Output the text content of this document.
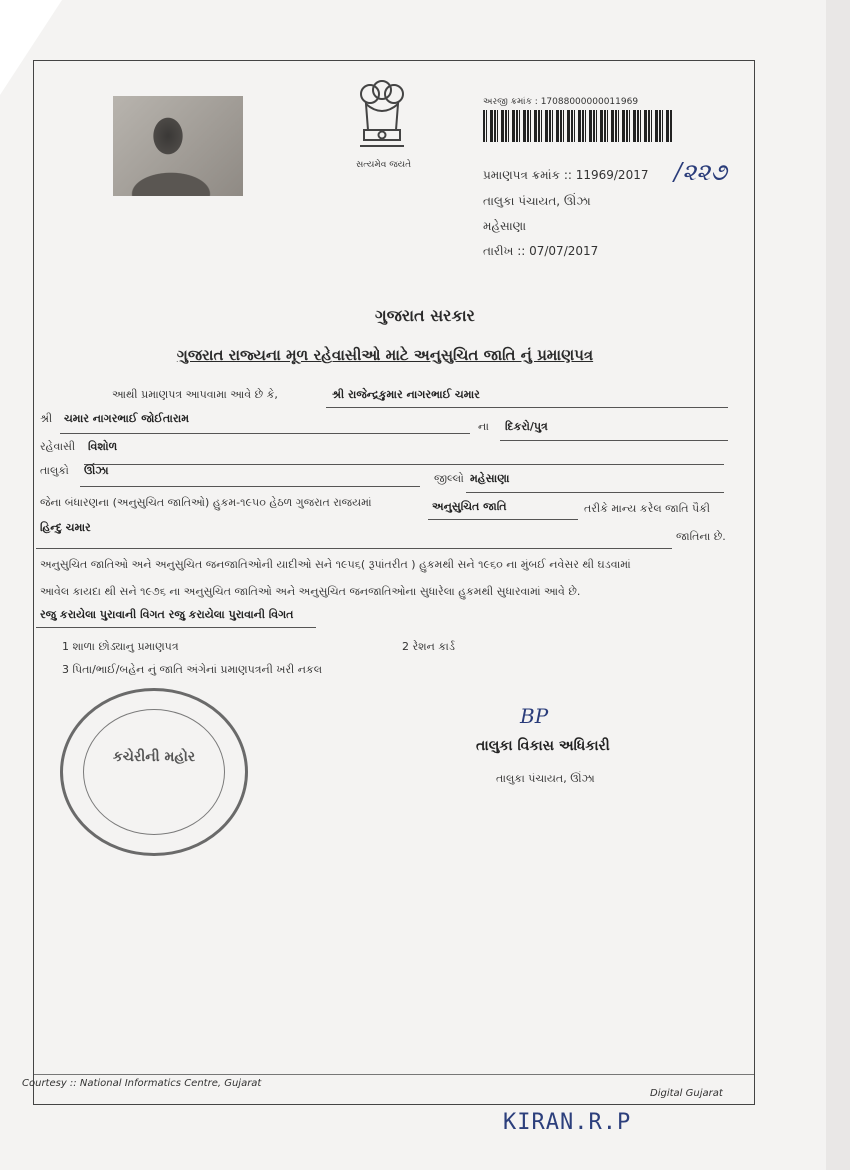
સત્યમેવ જયતે
અરજી ક્રમાંક : 17088000000011969
પ્રમાણપત્ર ક્રમાંક :: 11969/2017 /૨૨૭
તાલુકા પંચાયત, ઊંઝા
મહેસાણા
તારીખ :: 07/07/2017
ગુજરાત સરકાર
ગુજરાત રાજ્યના મૂળ રહેવાસીઓ માટે અનુસુચિત જાતિ નું પ્રમાણપત્ર
આથી પ્રમાણપત્ર આપવામા આવે છે કે,	શ્રી રાજેન્દ્રકુમાર નાગરભાઈ ચમાર
શ્રી ચમાર નાગરભાઈ જોઈતારામ
ના દિકરો/પુત્ર
રહેવાસી વિશોળ
તાલુકો ઊંઝા
જીલ્લો મહેસાણા
જેના બંધારણના (અનુસુચિત જાતિઓ) હુકમ-૧૯૫૦ હેઠળ ગુજરાત રાજયમાં	અનુસુચિત જાતિ	તરીકે માન્ય કરેલ જાતિ પૈકી
હિન્દુ ચમાર
જાતિના છે.
અનુસુચિત જાતિઓ અને અનુસુચિત જનજાતિઓની યાદીઓ સને ૧૯૫૬( રૂપાંતરીત ) હુકમથી સને ૧૯૬૦ ના મુંબઈ નવેસર થી ઘડવામાં
આવેલ કાયદા થી સને ૧૯૭૬ ના અનુસુચિત જાતિઓ અને અનુસુચિત જનજાતિઓના સુધારેલા હુકમથી સુધારવામાં આવે છે.
રજુ કરાયેલા પુરાવાની વિગત રજુ કરાયેલા પુરાવાની વિગત
1 શાળા છોડ્યાનુ પ્રમાણપત્ર	2 રેશન કાર્ડ
3 પિતા/ભાઈ/બહેન નું જાતિ અંગેનાં પ્રમાણપત્રની ખરી નકલ
કચેરીની મહોર
BP
તાલુકા વિકાસ અધિકારી
તાલુકા પંચાયત, ઊંઝા
Courtesy :: National Informatics Centre, Gujarat
Digital Gujarat
KIRAN.R.P
